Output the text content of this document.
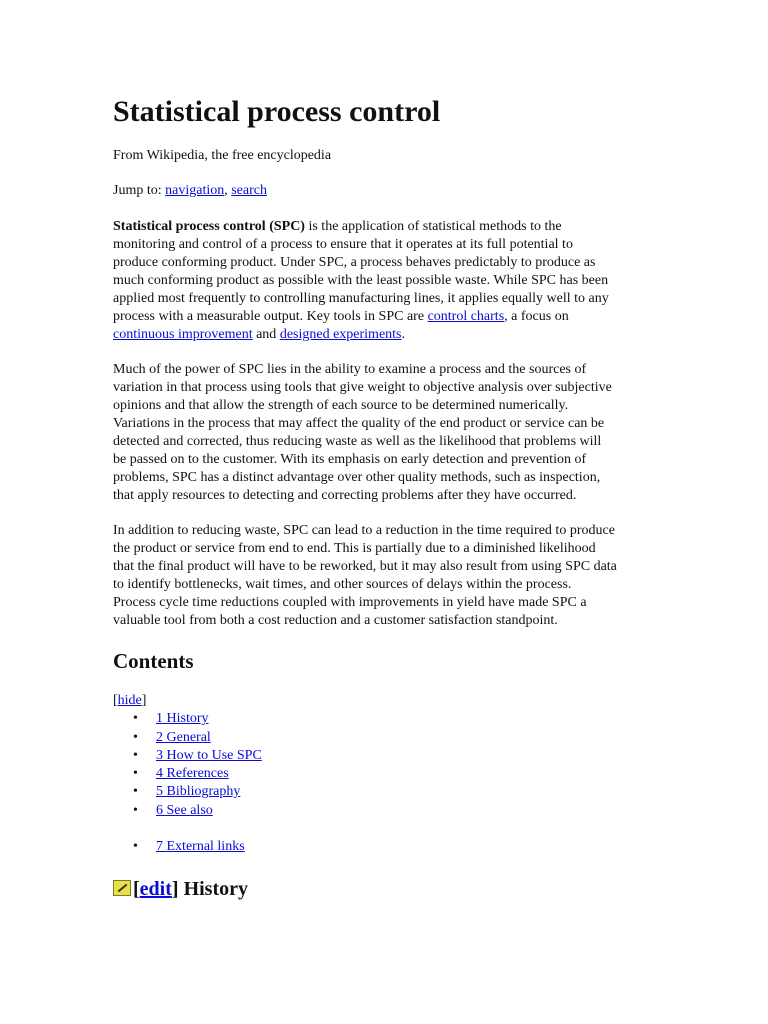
Statistical process control
From Wikipedia, the free encyclopedia
Jump to: navigation, search
Statistical process control (SPC) is the application of statistical methods to the
monitoring and control of a process to ensure that it operates at its full potential to
produce conforming product. Under SPC, a process behaves predictably to produce as
much conforming product as possible with the least possible waste. While SPC has been
applied most frequently to controlling manufacturing lines, it applies equally well to any
process with a measurable output. Key tools in SPC are control charts, a focus on
continuous improvement and designed experiments.
Much of the power of SPC lies in the ability to examine a process and the sources of
variation in that process using tools that give weight to objective analysis over subjective
opinions and that allow the strength of each source to be determined numerically.
Variations in the process that may affect the quality of the end product or service can be
detected and corrected, thus reducing waste as well as the likelihood that problems will
be passed on to the customer. With its emphasis on early detection and prevention of
problems, SPC has a distinct advantage over other quality methods, such as inspection,
that apply resources to detecting and correcting problems after they have occurred.
In addition to reducing waste, SPC can lead to a reduction in the time required to produce
the product or service from end to end. This is partially due to a diminished likelihood
that the final product will have to be reworked, but it may also result from using SPC data
to identify bottlenecks, wait times, and other sources of delays within the process.
Process cycle time reductions coupled with improvements in yield have made SPC a
valuable tool from both a cost reduction and a customer satisfaction standpoint.
Contents
[hide]
• 1 History
• 2 General
• 3 How to Use SPC
• 4 References
• 5 Bibliography
• 6 See also
• 7 External links
[edit] History
